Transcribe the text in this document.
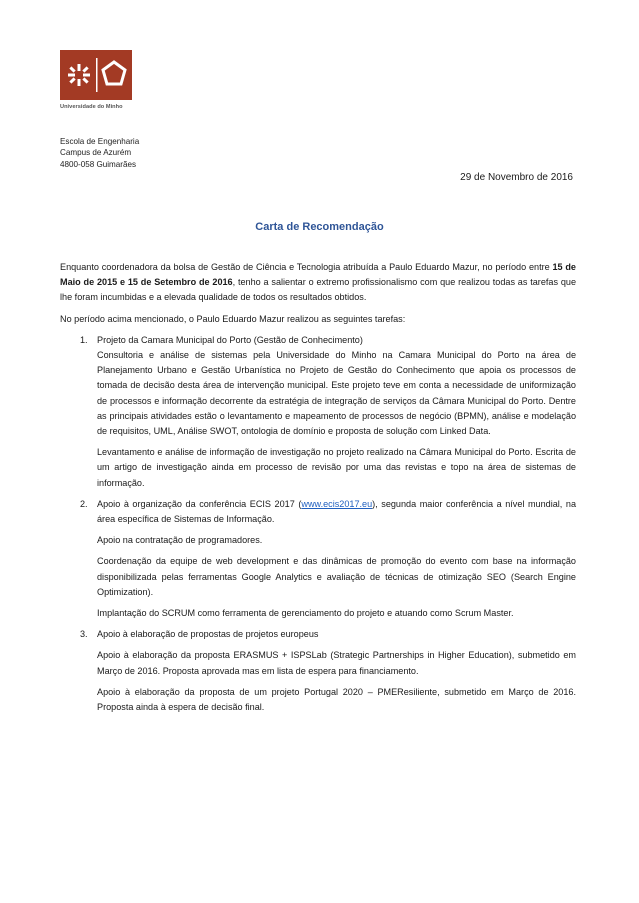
Universidade do Minho
Escola de Engenharia
Campus de Azurém
4800-058 Guimarães
29 de Novembro de 2016
Carta de Recomendação

Enquanto coordenadora da bolsa de Gestão de Ciência e Tecnologia atribuída a Paulo Eduardo Mazur, no período entre 15 de Maio de 2015 e 15 de Setembro de 2016, tenho a salientar o extremo profissionalismo com que realizou todas as tarefas que lhe foram incumbidas e a elevada qualidade de todos os resultados obtidos.

No período acima mencionado, o Paulo Eduardo Mazur realizou as seguintes tarefas:

1. Projeto da Camara Municipal do Porto (Gestão de Conhecimento)
Consultoria e análise de sistemas pela Universidade do Minho na Camara Municipal do Porto na área de Planejamento Urbano e Gestão Urbanística no Projeto de Gestão do Conhecimento que apoia os processos de tomada de decisão desta área de intervenção municipal. Este projeto teve em conta a necessidade de uniformização de processos e informação decorrente da estratégia de integração de serviços da Câmara Municipal do Porto. Dentre as principais atividades estão o levantamento e mapeamento de processos de negócio (BPMN), análise e modelação de requisitos, UML, Análise SWOT, ontologia de domínio e proposta de solução com Linked Data.

Levantamento e análise de informação de investigação no projeto realizado na Câmara Municipal do Porto. Escrita de um artigo de investigação ainda em processo de revisão por uma das revistas e topo na área de sistemas de informação.

2. Apoio à organização da conferência ECIS 2017 (www.ecis2017.eu), segunda maior conferência a nível mundial, na área específica de Sistemas de Informação.

Apoio na contratação de programadores.

Coordenação da equipe de web development e das dinâmicas de promoção do evento com base na informação disponibilizada pelas ferramentas Google Analytics e avaliação de técnicas de otimização SEO (Search Engine Optimization).

Implantação do SCRUM como ferramenta de gerenciamento do projeto e atuando como Scrum Master.

3. Apoio à elaboração de propostas de projetos europeus

Apoio à elaboração da proposta ERASMUS + ISPSLab (Strategic Partnerships in Higher Education), submetido em Março de 2016. Proposta aprovada mas em lista de espera para financiamento.

Apoio à elaboração da proposta de um projeto Portugal 2020 – PMEResiliente, submetido em Março de 2016. Proposta ainda à espera de decisão final.
